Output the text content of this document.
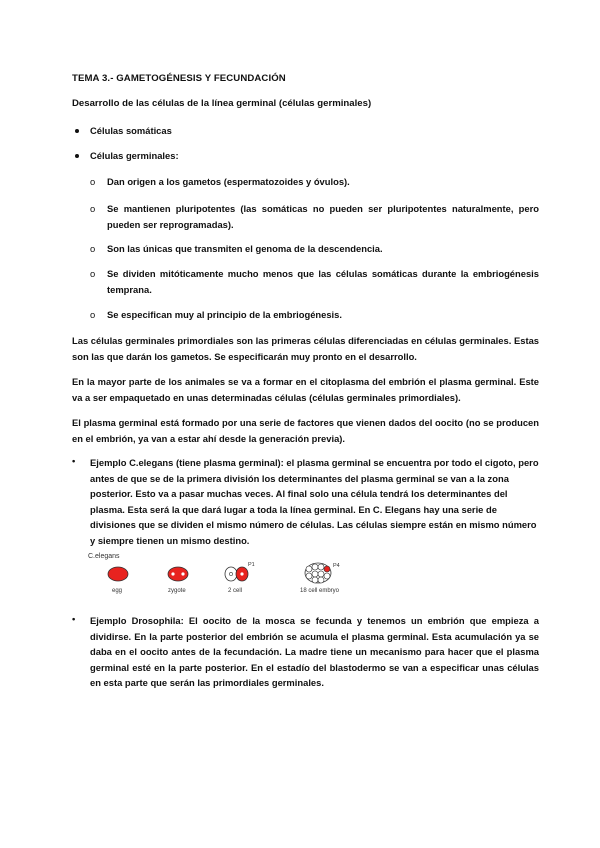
TEMA 3.- GAMETOGÉNESIS Y FECUNDACIÓN
Desarrollo de las células de la línea germinal (células germinales)
Células somáticas
Células germinales:
o Dan origen a los gametos (espermatozoides y óvulos).
o Se mantienen pluripotentes (las somáticas no pueden ser pluripotentes naturalmente, pero pueden ser reprogramadas).
o Son las únicas que transmiten el genoma de la descendencia.
o Se dividen mitóticamente mucho menos que las células somáticas durante la embriogénesis temprana.
o Se especifican muy al principio de la embriogénesis.
Las células germinales primordiales son las primeras células diferenciadas en células germinales. Estas son las que darán los gametos. Se especificarán muy pronto en el desarrollo.
En la mayor parte de los animales se va a formar en el citoplasma del embrión el plasma germinal. Este va a ser empaquetado en unas determinadas células (células germinales primordiales).
El plasma germinal está formado por una serie de factores que vienen dados del oocito (no se producen en el embrión, ya van a estar ahí desde la generación previa).
• Ejemplo C.elegans (tiene plasma germinal): el plasma germinal se encuentra por todo el cigoto, pero antes de que se de la primera división los determinantes del plasma germinal se van a la zona posterior. Esto va a pasar muchas veces. Al final solo una célula tendrá los determinantes del plasma. Esta será la que dará lugar a toda la línea germinal. En C. Elegans hay una serie de divisiones que se dividen el mismo número de células. Las células siempre están en mismo número y siempre tienen un mismo destino.
C.elegans
egg	zygote
P1
2 cell
P4
18 cell embryo
• Ejemplo Drosophila: El oocito de la mosca se fecunda y tenemos un embrión que empieza a dividirse. En la parte posterior del embrión se acumula el plasma germinal. Esta acumulación ya se daba en el oocito antes de la fecundación. La madre tiene un mecanismo para hacer que el plasma germinal esté en la parte posterior. En el estadío del blastodermo se van a especificar unas células en esta parte que serán las primordiales germinales.
